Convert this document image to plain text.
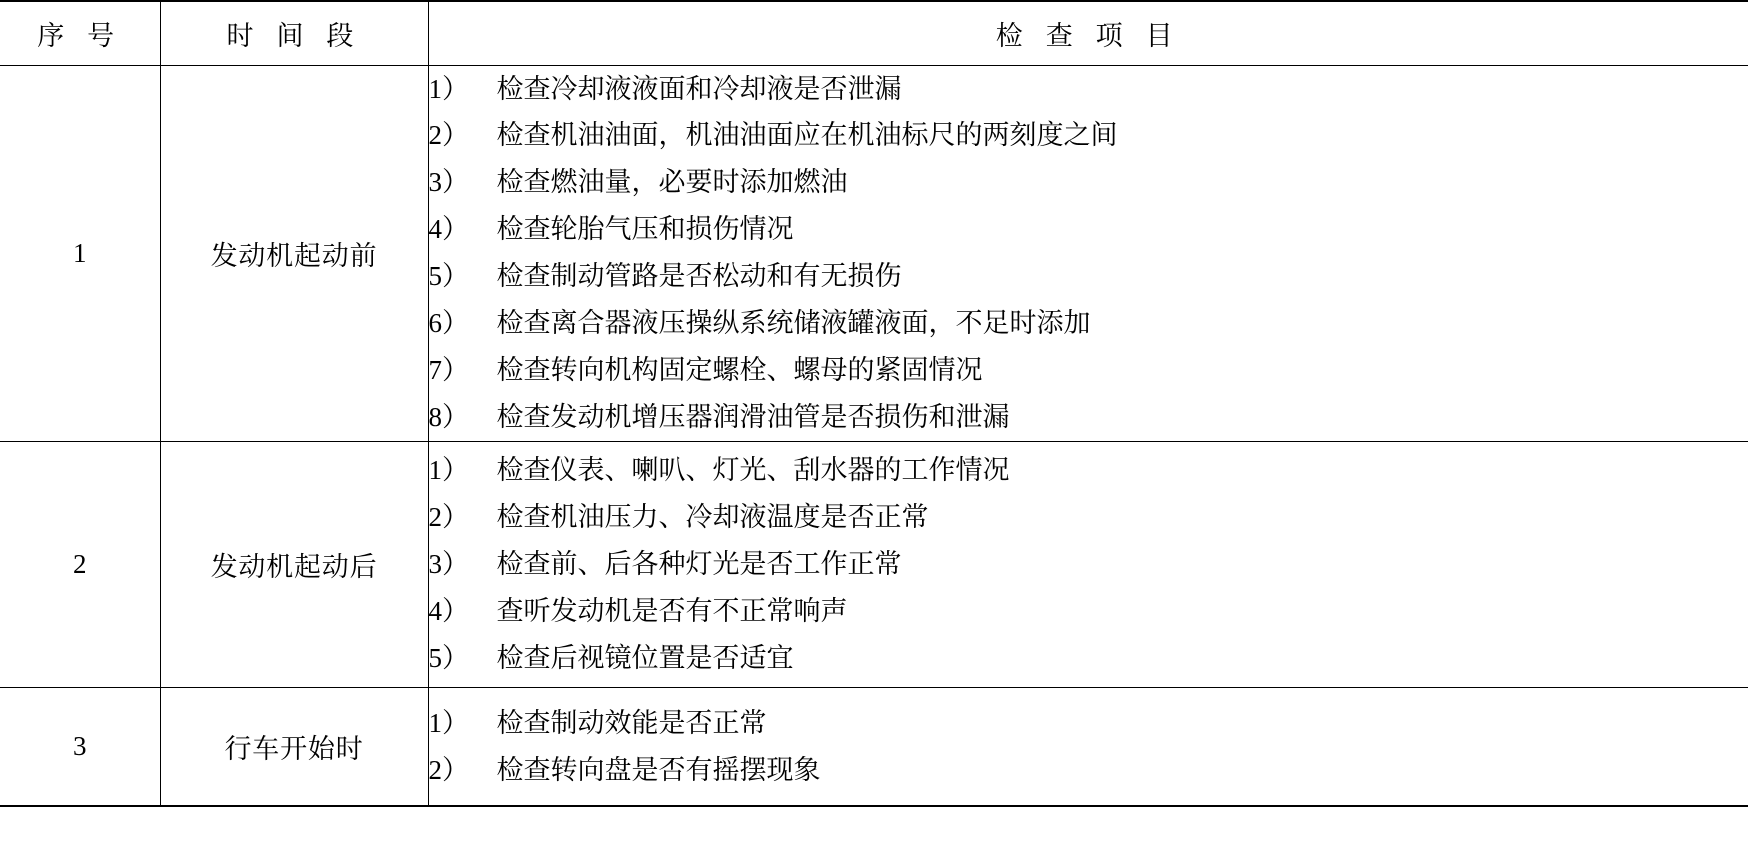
序 号	时 间 段	检 查 项 目
1	发动机起动前	
1） 检查冷却液液面和冷却液是否泄漏
2） 检查机油油面，机油油面应在机油标尺的两刻度之间
3） 检查燃油量，必要时添加燃油
4） 检查轮胎气压和损伤情况
5） 检查制动管路是否松动和有无损伤
6） 检查离合器液压操纵系统储液罐液面，不足时添加
7） 检查转向机构固定螺栓、螺母的紧固情况
8） 检查发动机增压器润滑油管是否损伤和泄漏

2	发动机起动后	1） 检查仪表、喇叭、灯光、刮水器的工作情况
2） 检查机油压力、冷却液温度是否正常
3） 检查前、后各种灯光是否工作正常
4） 查听发动机是否有不正常响声
5） 检查后视镜位置是否适宜

3	行车开始时	1） 检查制动效能是否正常
2） 检查转向盘是否有摇摆现象
